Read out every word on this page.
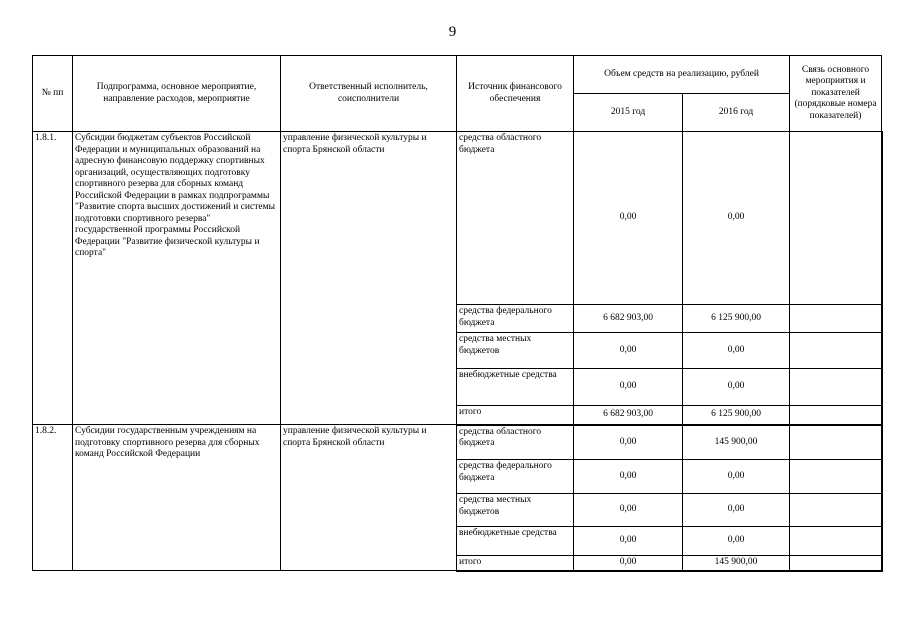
9
№ пп	Подпрограмма, основное мероприятие, направление расходов, мероприятие	Ответственный исполнитель, соисполнители	Источник финансового обеспечения	Объем средств на реализацию, рублей		Связь основного мероприятия и показателей (порядковые номера показателей)
				2015 год	2016 год	
1.8.1.	Субсидии бюджетам субъектов Российской Федерации и муниципальных образований на адресную финансовую поддержку спортивных организаций, осуществляющих подготовку спортивного резерва для сборных команд Российской Федерации в рамках подпрограммы "Развитие спорта высших достижений и системы подготовки спортивного резерва" государственной программы Российской Федерации "Развитие физической культуры и спорта"	управление физической культуры и спорта Брянской области	средства областного бюджета	0,00	0,00	
			средства федерального бюджета	6 682 903,00	6 125 900,00	
			средства местных бюджетов	0,00	0,00	
			внебюджетные средства	0,00	0,00	
			итого	6 682 903,00	6 125 900,00	
1.8.2.	Субсидии государственным учреждениям на подготовку спортивного резерва для сборных команд Российской Федерации	управление физической культуры и спорта Брянской области	средства областного бюджета	0,00	145 900,00	
			средства федерального бюджета	0,00	0,00	
			средства местных бюджетов	0,00	0,00	
			внебюджетные средства	0,00	0,00	
			итого	0,00	145 900,00	
